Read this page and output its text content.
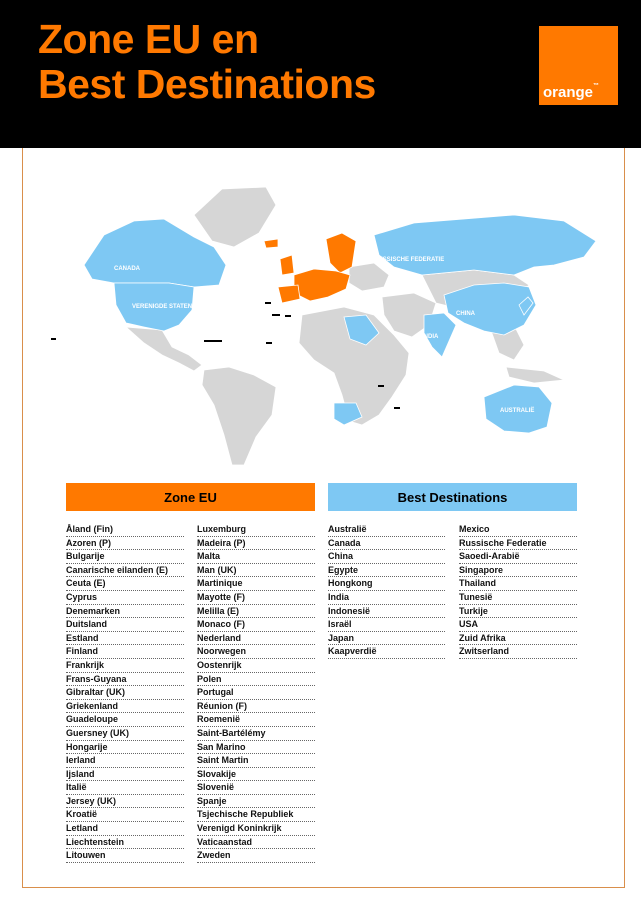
Zone EU en
Best Destinations	orange ™
CANADA
VERENIGDE STATEN
RUSSISCHE FEDERATIE
CHINA
INDIA
AUSTRALIË
Zone EU	Best Destinations
Åland (Fin)
Azoren (P)
Bulgarije
Canarische eilanden (E)
Ceuta (E)
Cyprus
Denemarken
Duitsland
Estland
Finland
Frankrijk
Frans-Guyana
Gibraltar (UK)
Griekenland
Guadeloupe
Guersney (UK)
Hongarije
Ierland
Ijsland
Italië
Jersey (UK)
Kroatië
Letland
Liechtenstein
Litouwen
Luxemburg
Madeira (P)
Malta
Man (UK)
Martinique
Mayotte (F)
Melilla (E)
Monaco (F)
Nederland
Noorwegen
Oostenrijk
Polen
Portugal
Réunion (F)
Roemenië
Saint-Bartélémy
San Marino
Saint Martin
Slovakije
Slovenië
Spanje
Tsjechische Republiek
Verenigd Koninkrijk
Vaticaanstad
Zweden
Australië
Canada
China
Egypte
Hongkong
India
Indonesië
Israël
Japan
Kaapverdië
Mexico
Russische Federatie
Saoedi-Arabië
Singapore
Thailand
Tunesië
Turkije
USA
Zuid Afrika
Zwitserland
